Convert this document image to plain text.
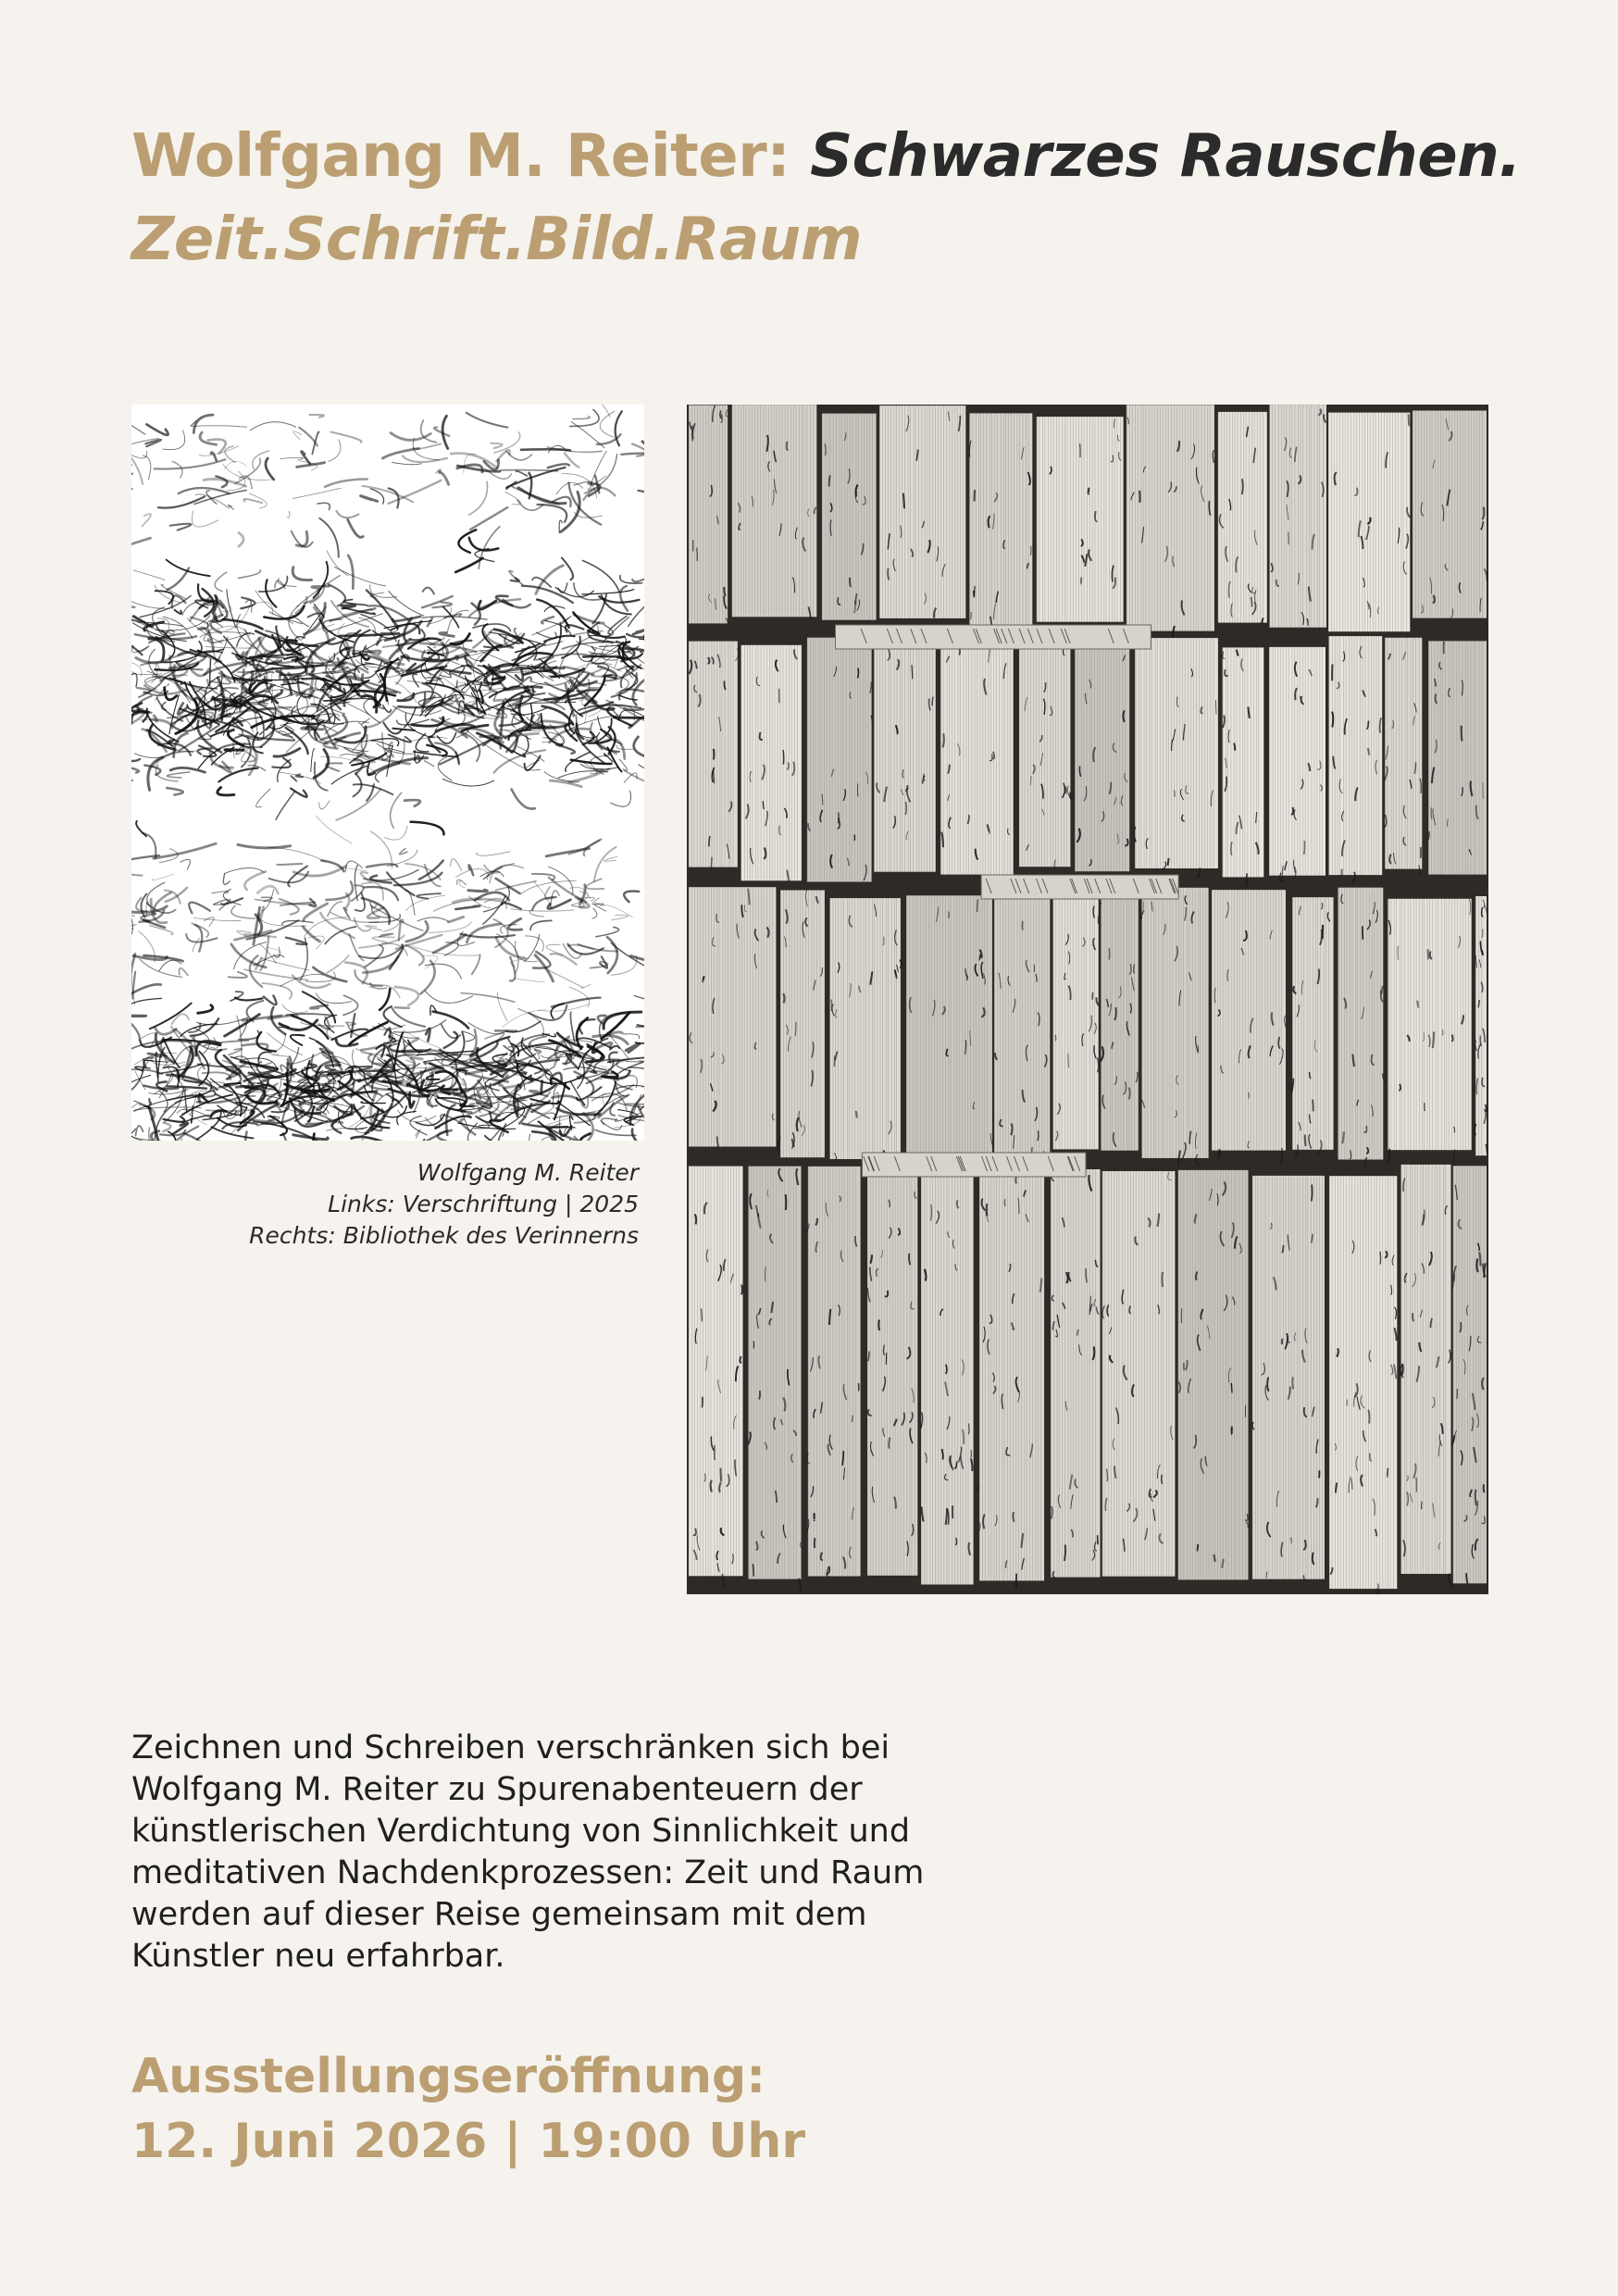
Wolfgang M. Reiter: Schwarzes Rauschen.
Zeit.Schrift.Bild.Raum
Wolfgang M. Reiter
Links: Verschriftung | 2025
Rechts: Bibliothek des Verinnerns
Zeichnen und Schreiben verschränken sich bei
Wolfgang M. Reiter zu Spurenabenteuern der
künstlerischen Verdichtung von Sinnlichkeit und
meditativen Nachdenkprozessen: Zeit und Raum
werden auf dieser Reise gemeinsam mit dem
Künstler neu erfahrbar.
Ausstellungseröffnung:
12. Juni 2026 | 19:00 Uhr
